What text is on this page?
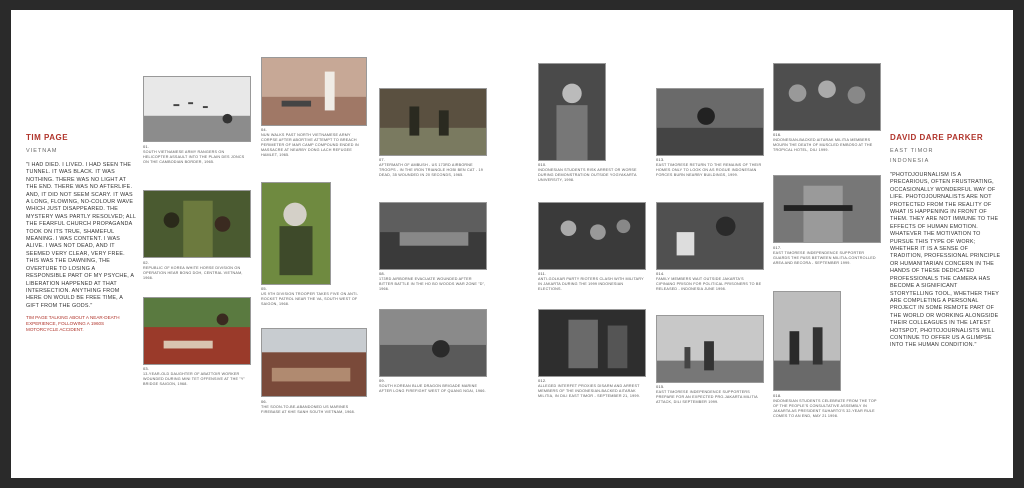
TIM PAGE
VIETNAM
"I HAD DIED. I LIVED. I HAD SEEN THE TUNNEL. IT WAS BLACK. IT WAS NOTHING. THERE WAS NO LIGHT AT THE END. THERE WAS NO AFTERLIFE. AND, IT DID NOT SEEM SCARY. IT WAS A LONG, FLOWING, NO-COLOUR WAVE WHICH JUST DISAPPEARED. THE MYSTERY WAS PARTLY RESOLVED; ALL THE FEARFUL CHURCH PROPAGANDA TOOK ON ITS TRUE, SHAMEFUL MEANING. I WAS CONTENT. I WAS ALIVE. I WAS NOT DEAD, AND IT SEEMED VERY CLEAR, VERY FREE. THIS WAS THE DAWNING, THE OVERTURE TO LOSING A RESPONSIBLE PART OF MY PSYCHE, A LIBERATION HAPPENED AT THAT INTERSECTION. ANYTHING FROM HERE ON WOULD BE FREE TIME, A GIFT FROM THE GODS."
TIM PAGE TALKING ABOUT A NEAR-DEATH EXPERIENCE, FOLLOWING A 1960S MOTORCYCLE ACCIDENT.
DAVID DARE PARKER
EAST TIMOR
INDONESIA
"PHOTOJOURNALISM IS A PRECARIOUS, OFTEN FRUSTRATING, OCCASIONALLY WONDERFUL WAY OF LIFE. PHOTOJOURNALISTS ARE NOT PROTECTED FROM THE REALITY OF WHAT IS HAPPENING IN FRONT OF THEM. THEY ARE NOT IMMUNE TO THE EFFECTS OF HUMAN EMOTION. WHATEVER THE MOTIVATION TO PURSUE THIS TYPE OF WORK; WHETHER IT IS A SENSE OF TRADITION, PROFESSIONAL PRINCIPLE OR HUMANITARIAN CONCERN IN THE HANDS OF THESE DEDICATED PROFESSIONALS THE CAMERA HAS BECOME A SIGNIFICANT STORYTELLING TOOL, WHETHER THEY ARE COMPLETING A PERSONAL PROJECT IN SOME REMOTE PART OF THE WORLD OR WORKING ALONGSIDE THEIR COLLEAGUES IN THE LATEST HOTSPOT, PHOTOJOURNALISTS WILL CONTINUE TO OFFER US A GLIMPSE INTO THE HUMAN CONDITION."
01.
SOUTH VIETNAMESE ARMY RANGERS ON HELICOPTER ASSAULT INTO THE PLAIN DES JONCS ON THE CAMBODIAN BORDER, 1965.
02.
REPUBLIC OF KOREA WHITE HORSE DIVISION ON OPERATION HEAR BONG DOH, CENTRAL VIETNAM, 1966.
03.
13-YEAR-OLD DAUGHTER OF ABATTOIR WORKER WOUNDED DURING MINI TET OFFENSIVE AT THE "Y" BRIDGE SAIGON, 1968.
04.
NUN WALKS PAST NORTH VIETNAMESE ARMY CORPSE AFTER ABORTIVE ATTEMPT TO BREACH PERIMETER OF MAR CAMP COMPOUND ENDED IN MASSACRE AT NEARBY DONG LACH REFUGEE HAMLET, 1965.
05.
US 9TH DIVISION TROOPER TAKES FIVE ON ANTI-ROCKET PATROL NEAR THE VA, SOUTH WEST OF SAIGON, 1968.
06.
THE SOON-TO-BE-ABANDONED US MARINES FIREBASE AT KHE SANH SOUTH VIETNAM, 1968.
07.
AFTERMATH OF AMBUSH - US 173RD AIRBORNE TROOPS - IN THE IRON TRIANGLE HOBI BEN CAT - 19 DEAD, 35 WOUNDED IN 20 SECONDS, 1965.
08.
173RD AIRBORNE EVACUATE WOUNDED AFTER BITTER BATTLE IN THE HO BO WOODS WAR ZONE "D", 1966.
09.
SOUTH KOREAN BLUE DRAGON BRIGADE MARINE AFTER LONG FIREFIGHT WEST OF QUANG NGAI, 1966.
010.
INDONESIAN STUDENTS RISK ARREST OR WORSE DURING DEMONSTRATION OUTSIDE YOGYAKARTA UNIVERSITY, 1998.
011.
ANTI-GOLKAR PARTY RIOTERS CLASH WITH MILITARY IN JAKARTA DURING THE 1999 INDONESIAN ELECTIONS.
012.
ALLEGED INTERFET PROXIES DISARM AND ARREST MEMBERS OF THE INDONESIAN-BACKED AITARAK MILITIA, IN DILI EAST TIMOR - SEPTEMBER 21, 1999.
013.
EAST TIMORESE RETURN TO THE REMAINS OF THEIR HOMES ONLY TO LOOK ON AS ROGUE INDONESIAN FORCES BURN NEARBY BUILDINGS, 1999.
014.
FAMILY MEMBERS WAIT OUTSIDE JAKARTA'S CIPINANG PRISON FOR POLITICAL PRISONERS TO BE RELEASED - INDONESIA JUNE 1998.
015.
EAST TIMORESE INDEPENDENCE SUPPORTERS PREPARE FOR AN EXPECTED PRO-JAKARTA MILITIA ATTACK, DILI SEPTEMBER 1999.
016.
INDONESIAN-BACKED AITARAK MILITIA MEMBERS MOURN THE DEATH OF MUSCLED EMBOSO AT THE TROPICAL HOTEL, DILI 1999.
017.
EAST TIMORESE INDEPENDENCE SUPPORTER GUARDS THE PASS BETWEEN MILITIA-CONTROLLED AREA AND BECORA - SEPTEMBER 1999.
018.
INDONESIAN STUDENTS CELEBRATE FROM THE TOP OF THE PEOPLE'S CONSULTATIVE ASSEMBLY IN JAKARTA AS PRESIDENT SUHARTO'S 32-YEAR RULE COMES TO AN END, MAY 21 1998.
